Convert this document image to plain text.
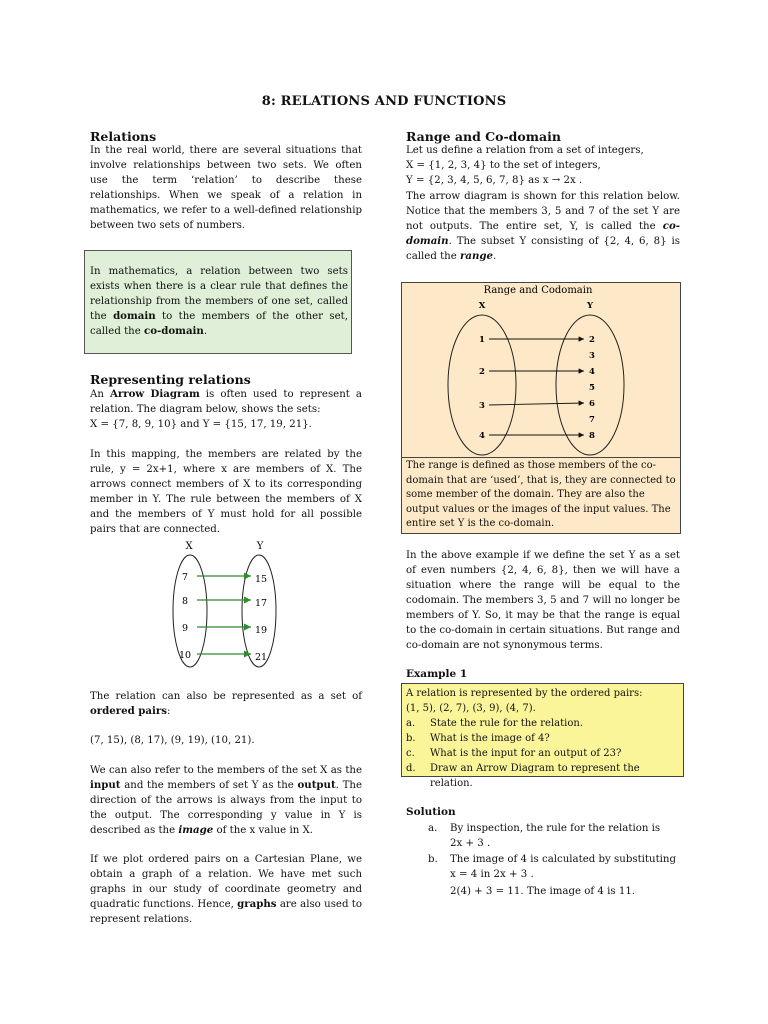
8: RELATIONS AND FUNCTIONS
Relations
In the real world, there are several situations that involve relationships between two sets. We often use the term ‘relation’ to describe these relationships. When we speak of a relation in mathematics, we refer to a well-defined relationship between two sets of numbers.
In mathematics, a relation between two sets exists when there is a clear rule that defines the relationship from the members of one set, called the domain to the members of the other set, called the co-domain.
Representing relations
An Arrow Diagram is often used to represent a relation. The diagram below, shows the sets:
X = {7, 8, 9, 10} and Y = {15, 17, 19, 21}.
In this mapping, the members are related by the rule, y = 2x+1, where x are members of X. The arrows connect members of X to its corresponding member in Y. The rule between the members of X and the members of Y must hold for all possible pairs that are connected.
X	Y
7
8
9
10
15
17
19
21
The relation can also be represented as a set of ordered pairs:
(7, 15), (8, 17), (9, 19), (10, 21).
We can also refer to the members of the set X as the input and the members of set Y as the output. The direction of the arrows is always from the input to the output. The corresponding y value in Y is described as the image of the x value in X.
If we plot ordered pairs on a Cartesian Plane, we obtain a graph of a relation. We have met such graphs in our study of coordinate geometry and quadratic functions. Hence, graphs are also used to represent relations.
Range and Co-domain
Let us define a relation from a set of integers,
X = {1, 2, 3, 4} to the set of integers,
Y = {2, 3, 4, 5, 6, 7, 8} as x → 2x .
The arrow diagram is shown for this relation below. Notice that the members 3, 5 and 7 of the set Y are not outputs. The entire set, Y, is called the co-domain. The subset Y consisting of {2, 4, 6, 8} is called the range.
Range and Codomain
X	Y
1
2
3
4
2
3
4
5
6
7
8
The range is defined as those members of the co-domain that are ‘used’, that is, they are connected to some member of the domain. They are also the output values or the images of the input values. The entire set Y is the co-domain.
In the above example if we define the set Y as a set of even numbers {2, 4, 6, 8}, then we will have a situation where the range will be equal to the codomain. The members 3, 5 and 7 will no longer be members of Y. So, it may be that the range is equal to the co-domain in certain situations. But range and co-domain are not synonymous terms.
Example 1
A relation is represented by the ordered pairs:
(1, 5), (2, 7), (3, 9), (4, 7).
a.	State the rule for the relation.
b.	What is the image of 4?
c.	What is the input for an output of 23?
d.	Draw an Arrow Diagram to represent the relation.
Solution
a.	By inspection, the rule for the relation is
2x + 3 .
b.	The image of 4 is calculated by substituting
x = 4 in 2x + 3 .
2(4) + 3 = 11. The image of 4 is 11.
